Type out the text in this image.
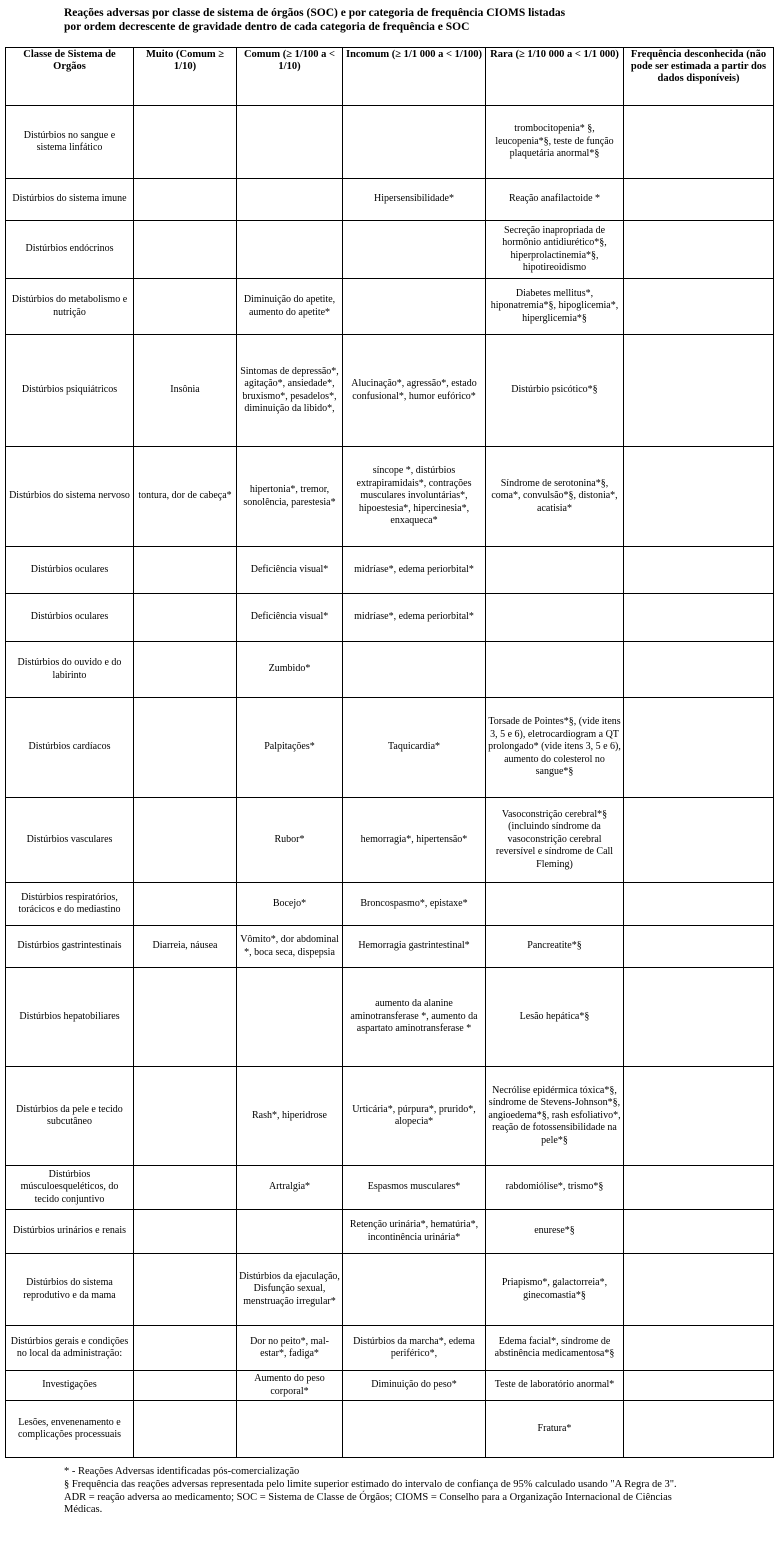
Reações adversas por classe de sistema de órgãos (SOC) e por categoria de frequência CIOMS listadas
por ordem decrescente de gravidade dentro de cada categoria de frequência e SOC
Classe de Sistema de Orgãos	Muito (Comum ≥ 1/10)	Comum (≥ 1/100 a < 1/10)	Incomum (≥ 1/1 000 a < 1/100)	Rara (≥ 1/10 000 a < 1/1 000)	Frequência desconhecida (não pode ser estimada a partir dos dados disponíveis)
Distúrbios no sangue e sistema linfático				trombocitopenia* §, leucopenia*§, teste de função plaquetária anormal*§	
Distúrbios do sistema imune			Hipersensibilidade*	Reação anafilactoide *	
Distúrbios endócrinos				Secreção inapropriada de hormônio antidiurético*§, hiperprolactinemia*§, hipotireoidismo	
Distúrbios do metabolismo e nutrição		Diminuição do apetite, aumento do apetite*		Diabetes mellitus*, hiponatremia*§, hipoglicemia*, hiperglicemia*§	
Distúrbios psiquiátricos	Insônia	Sintomas de depressão*, agitação*, ansiedade*, bruxismo*, pesadelos*, diminuição da libido*,	Alucinação*, agressão*, estado confusional*, humor eufórico*	Distúrbio psicótico*§	
Distúrbios do sistema nervoso	tontura, dor de cabeça*	hipertonia*, tremor, sonolência, parestesia*	síncope *, distúrbios extrapiramidais*, contrações musculares involuntárias*, hipoestesia*, hipercinesia*, enxaqueca*	Síndrome de serotonina*§, coma*, convulsão*§, distonia*, acatisia*	
Distúrbios oculares		Deficiência visual*	midríase*, edema periorbital*		
Distúrbios oculares		Deficiência visual*	midríase*, edema periorbital*		
Distúrbios do ouvido e do labirinto		Zumbido*			
Distúrbios cardíacos		Palpitações*	Taquicardia*	Torsade de Pointes*§, (vide itens 3, 5 e 6), eletrocardiogram a QT prolongado* (vide itens 3, 5 e 6), aumento do colesterol no sangue*§	
Distúrbios vasculares		Rubor*	hemorragia*, hipertensão*	Vasoconstrição cerebral*§ (incluindo síndrome da vasoconstrição cerebral reversível e síndrome de Call Fleming)	
Distúrbios respiratórios, torácicos e do mediastino		Bocejo*	Broncospasmo*, epistaxe*		
Distúrbios gastrintestinais	Diarreia, náusea	Vômito*, dor abdominal *, boca seca, dispepsia	Hemorragia gastrintestinal*	Pancreatite*§	
Distúrbios hepatobiliares			aumento da alanine aminotransferase *, aumento da aspartato aminotransferase *	Lesão hepática*§	
Distúrbios da pele e tecido subcutâneo		Rash*, hiperidrose	Urticária*, púrpura*, prurido*, alopecia*	Necrólise epidérmica tóxica*§, síndrome de Stevens-Johnson*§, angioedema*§, rash esfoliativo*, reação de fotossensibilidade na pele*§	
Distúrbios músculoesqueléticos, do tecido conjuntivo		Artralgia*	Espasmos musculares*	rabdomiólise*, trismo*§	
Distúrbios urinários e renais			Retenção urinária*, hematúria*, incontinência urinária*	enurese*§	
Distúrbios do sistema reprodutivo e da mama		Distúrbios da ejaculação, Disfunção sexual, menstruação irregular*		Priapismo*, galactorreia*, ginecomastia*§	
Distúrbios gerais e condições no local da administração:		Dor no peito*, mal-estar*, fadiga*	Distúrbios da marcha*, edema periférico*,	Edema facial*, síndrome de abstinência medicamentosa*§	
Investigações		Aumento do peso corporal*	Diminuição do peso*	Teste de laboratório anormal*	
Lesões, envenenamento e complicações processuais				Fratura*	
* - Reações Adversas identificadas pós-comercialização
§ Frequência das reações adversas representada pelo limite superior estimado do intervalo de confiança de 95% calculado usando "A Regra de 3".
ADR = reação adversa ao medicamento; SOC = Sistema de Classe de Órgãos; CIOMS = Conselho para a Organização Internacional de Ciências Médicas.
